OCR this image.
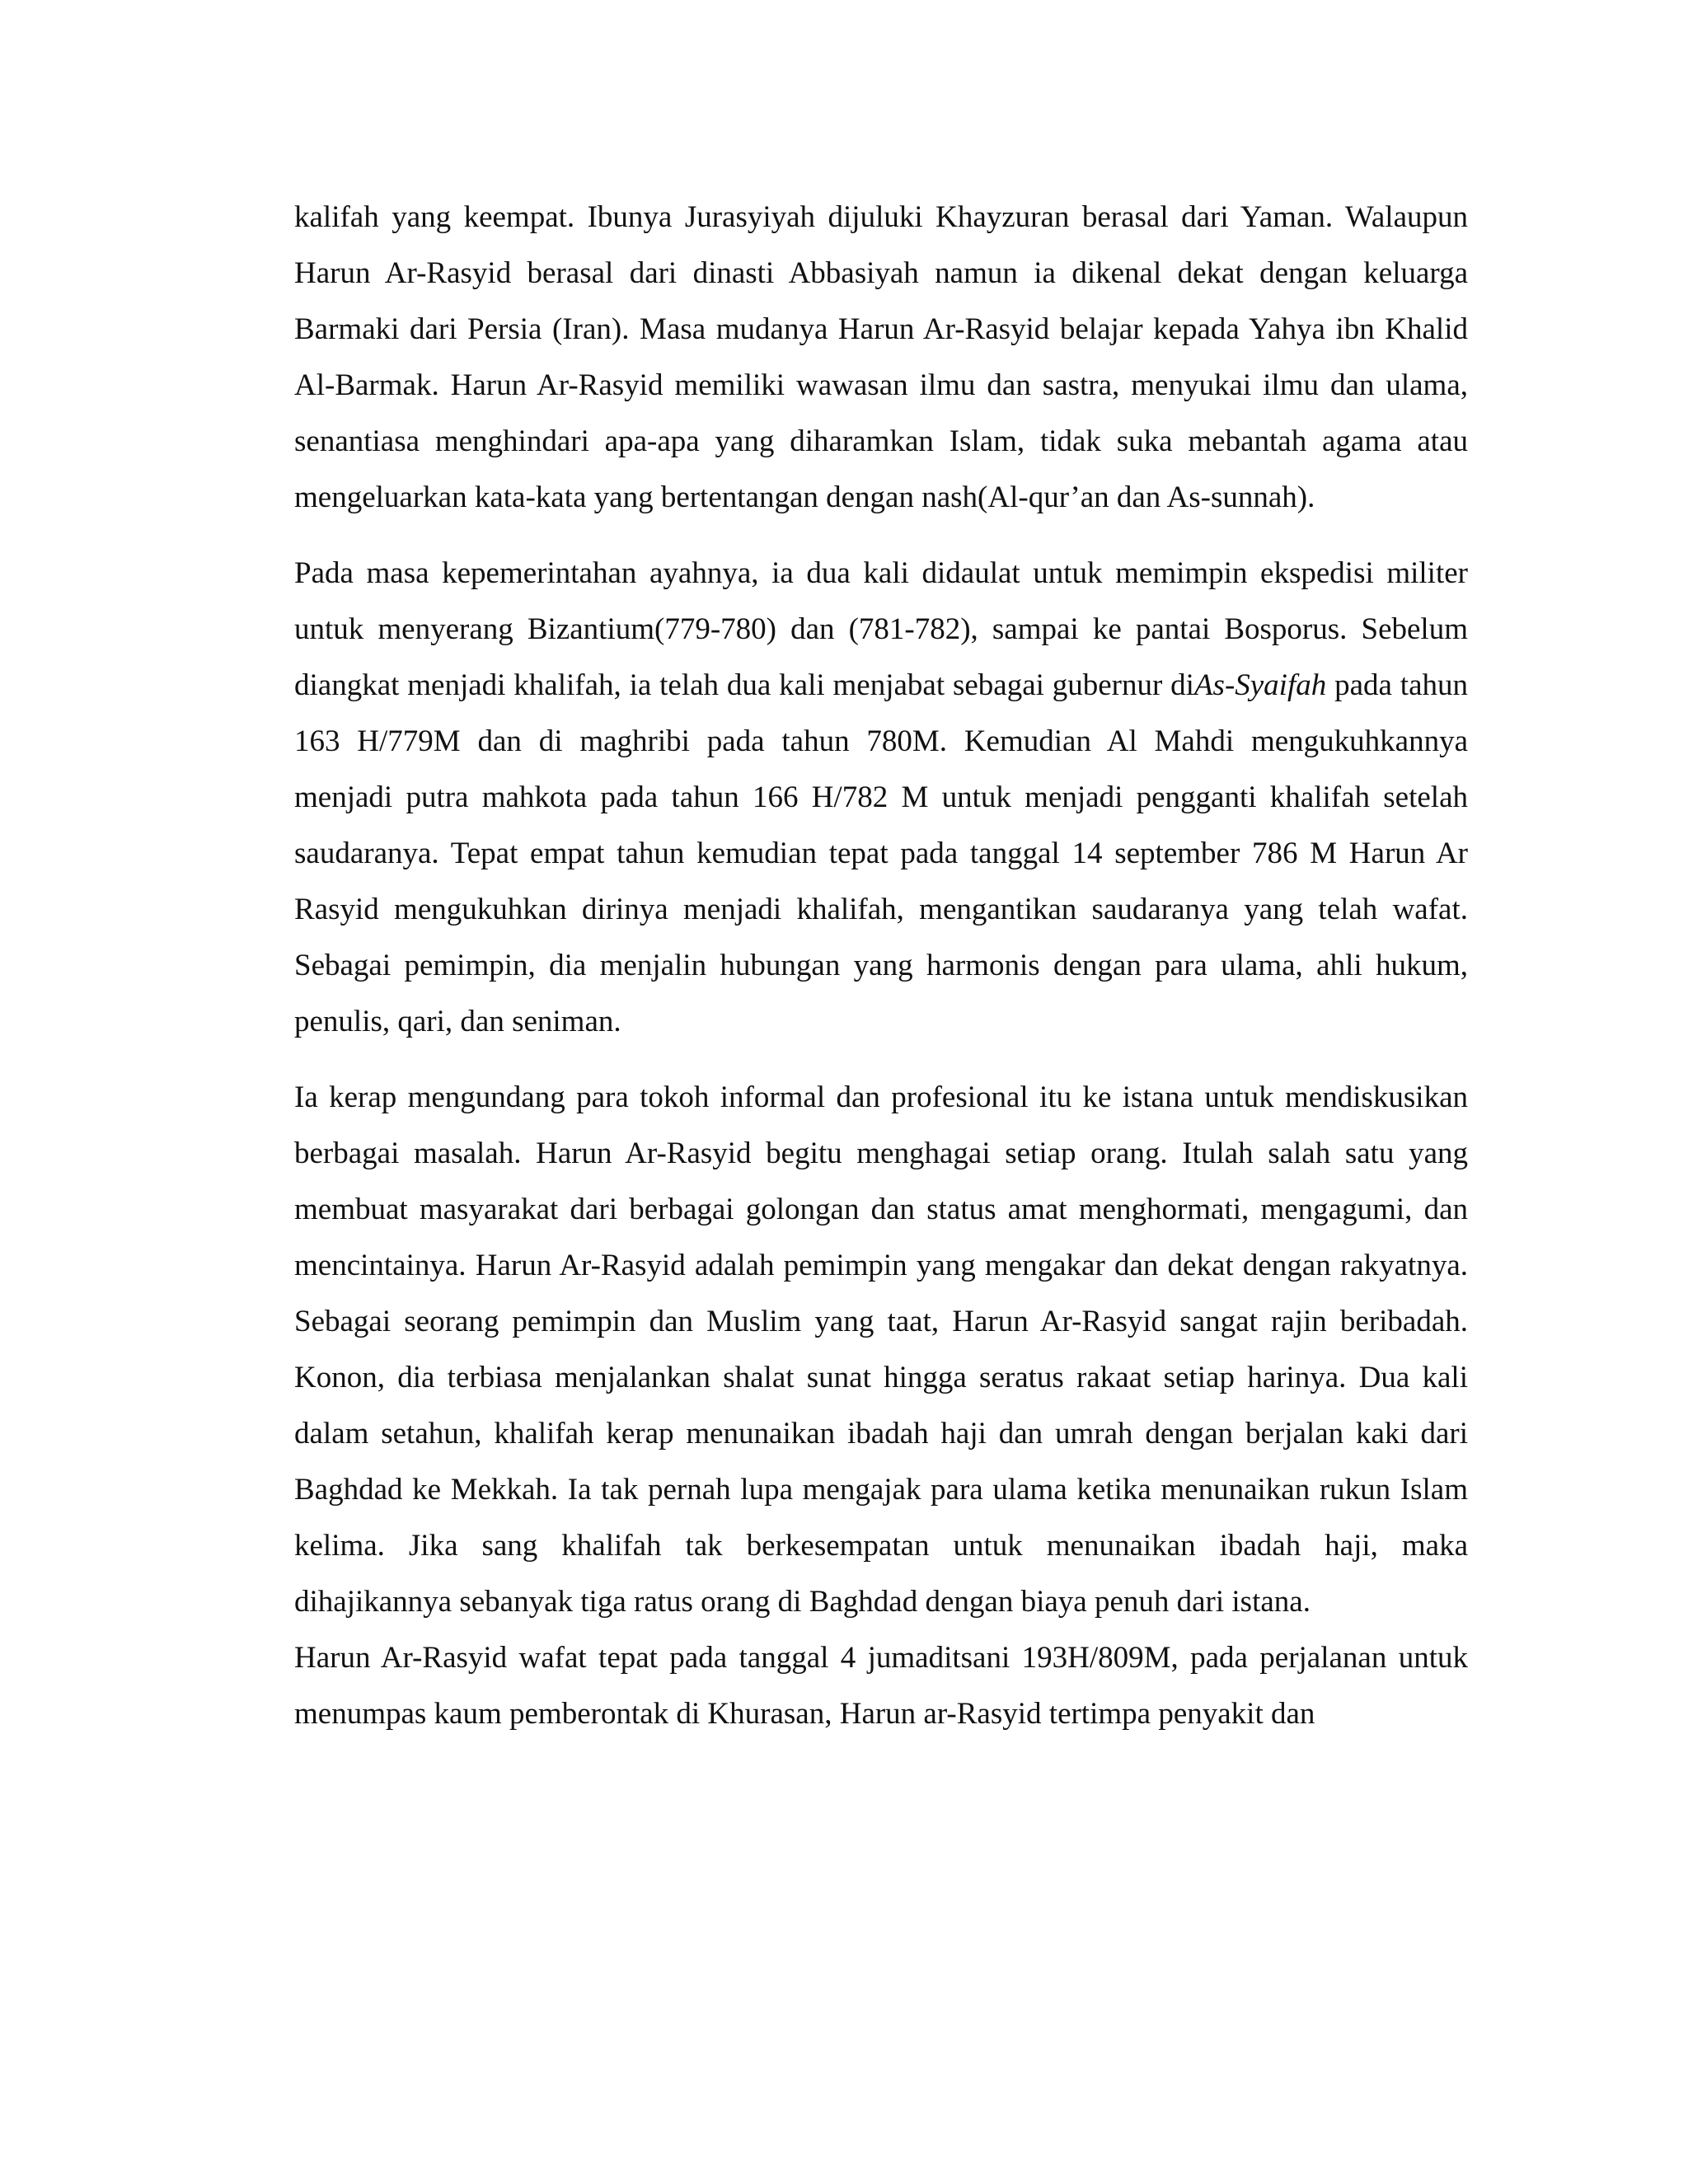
kalifah yang keempat. Ibunya Jurasyiyah dijuluki Khayzuran berasal dari Yaman. Walaupun Harun Ar-Rasyid berasal dari dinasti Abbasiyah namun ia dikenal dekat dengan keluarga Barmaki dari Persia (Iran). Masa mudanya Harun Ar-Rasyid belajar kepada Yahya ibn Khalid Al-Barmak. Harun Ar-Rasyid memiliki wawasan ilmu dan sastra, menyukai ilmu dan ulama, senantiasa menghindari apa-apa yang diharamkan Islam, tidak suka mebantah agama atau mengeluarkan kata-kata yang bertentangan dengan nash(Al-qur’an dan As-sunnah).

Pada masa kepemerintahan ayahnya, ia dua kali didaulat untuk memimpin ekspedisi militer untuk menyerang Bizantium(779-780) dan (781-782), sampai ke pantai Bosporus. Sebelum diangkat menjadi khalifah, ia telah dua kali menjabat sebagai gubernur diAs-Syaifah pada tahun 163 H/779M dan di maghribi pada tahun 780M. Kemudian Al Mahdi mengukuhkannya menjadi putra mahkota pada tahun 166 H/782 M untuk menjadi pengganti khalifah setelah saudaranya. Tepat empat tahun kemudian tepat pada tanggal 14 september 786 M Harun Ar Rasyid mengukuhkan dirinya menjadi khalifah, mengantikan saudaranya yang telah wafat. Sebagai pemimpin, dia menjalin hubungan yang harmonis dengan para ulama, ahli hukum, penulis, qari, dan seniman.

Ia kerap mengundang para tokoh informal dan profesional itu ke istana untuk mendiskusikan berbagai masalah. Harun Ar-Rasyid begitu menghagai setiap orang. Itulah salah satu yang membuat masyarakat dari berbagai golongan dan status amat menghormati, mengagumi, dan mencintainya. Harun Ar-Rasyid adalah pemimpin yang mengakar dan dekat dengan rakyatnya. Sebagai seorang pemimpin dan Muslim yang taat, Harun Ar-Rasyid sangat rajin beribadah. Konon, dia terbiasa menjalankan shalat sunat hingga seratus rakaat setiap harinya. Dua kali dalam setahun, khalifah kerap menunaikan ibadah haji dan umrah dengan berjalan kaki dari Baghdad ke Mekkah. Ia tak pernah lupa mengajak para ulama ketika menunaikan rukun Islam kelima. Jika sang khalifah tak berkesempatan untuk menunaikan ibadah haji, maka dihajikannya sebanyak tiga ratus orang di Baghdad dengan biaya penuh dari istana.

Harun Ar-Rasyid wafat tepat pada tanggal 4 jumaditsani 193H/809M, pada perjalanan untuk menumpas kaum pemberontak di Khurasan, Harun ar-Rasyid tertimpa penyakit dan
